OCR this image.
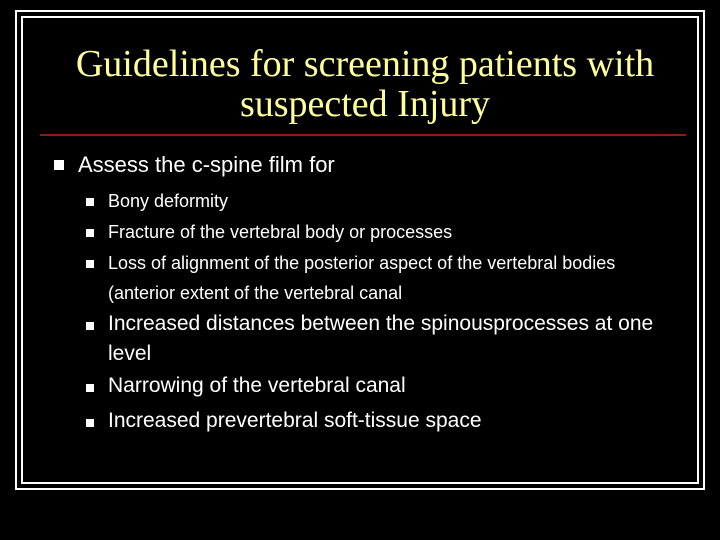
Guidelines for screening patients with
suspected Injury
Assess the c-spine film for
Bony deformity
Fracture of the vertebral body or processes
Loss of alignment of the posterior aspect of the vertebral bodies (anterior extent of the vertebral canal
Increased distances between the spinousprocesses at one level
Narrowing of the vertebral canal
Increased prevertebral soft-tissue space
